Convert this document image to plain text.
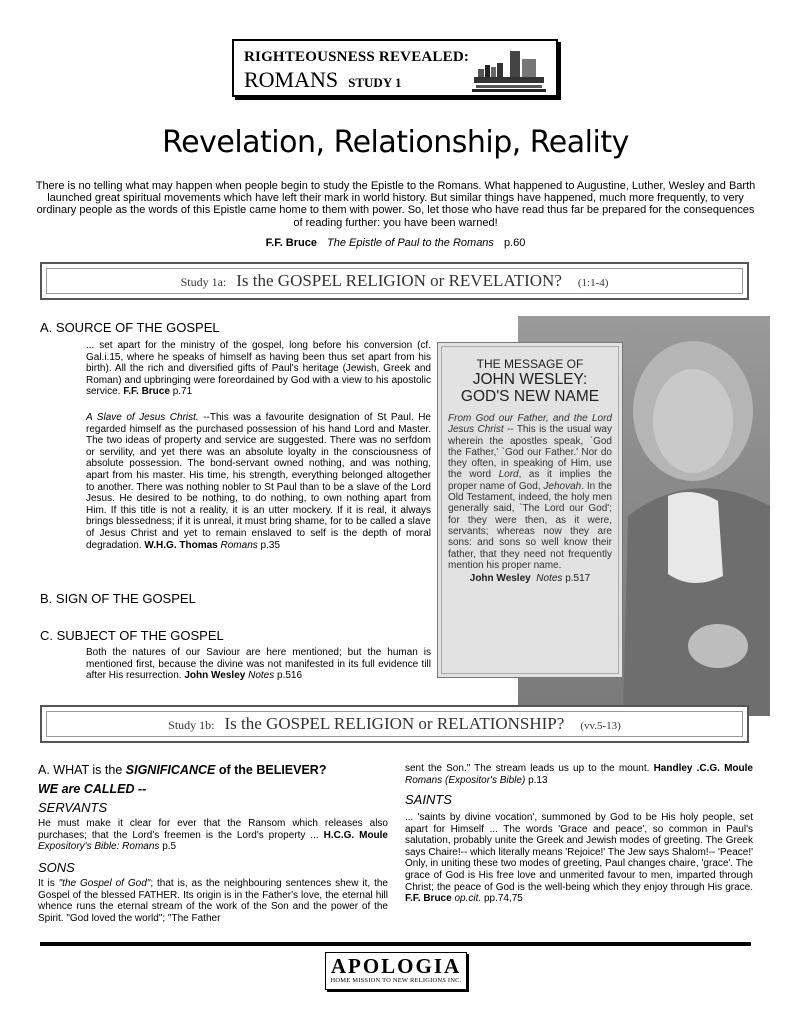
RIGHTEOUSNESS REVEALED:
ROMANS STUDY 1
Revelation, Relationship, Reality
There is no telling what may happen when people begin to study the Epistle to the Romans. What happened to Augustine, Luther, Wesley and Barth launched great spiritual movements which have left their mark in world history. But similar things have happened, much more frequently, to very ordinary people as the words of this Epistle came home to them with power. So, let those who have read thus far be prepared for the consequences of reading further: you have been warned!
F.F. Bruce The Epistle of Paul to the Romans p.60
Study 1a: Is the GOSPEL RELIGION or REVELATION? (1:1-4)
THE MESSAGE OF
JOHN WESLEY:
GOD'S NEW NAME
From God our Father, and the Lord Jesus Christ -- This is the usual way wherein the apostles speak, `God the Father,' `God our Father.' Nor do they often, in speaking of Him, use the word Lord, as it implies the proper name of God, Jehovah. In the Old Testament, indeed, the holy men generally said, `The Lord our God'; for they were then, as it were, servants; whereas now they are sons: and sons so well know their father, that they need not frequently mention his proper name.
John Wesley Notes p.517
A. SOURCE OF THE GOSPEL
... set apart for the ministry of the gospel, long before his conversion (cf. Gal.i.15, where he speaks of himself as having been thus set apart from his birth). All the rich and diversified gifts of Paul's heritage (Jewish, Greek and Roman) and upbringing were foreordained by God with a view to his apostolic service. F.F. Bruce p.71
A Slave of Jesus Christ. --This was a favourite designation of St Paul. He regarded himself as the purchased possession of his hand Lord and Master. The two ideas of property and service are suggested. There was no serfdom or servility, and yet there was an absolute loyalty in the consciousness of absolute possession. The bond-servant owned nothing, and was nothing, apart from his master. His time, his strength, everything belonged altogether to another. There was nothing nobler to St Paul than to be a slave of the Lord Jesus. He desired to be nothing, to do nothing, to own nothing apart from Him. If this title is not a reality, it is an utter mockery. If it is real, it always brings blessedness; if it is unreal, it must bring shame, for to be called a slave of Jesus Christ and yet to remain enslaved to self is the depth of moral degradation. W.H.G. Thomas Romans p.35
B. SIGN OF THE GOSPEL
C. SUBJECT OF THE GOSPEL
Both the natures of our Saviour are here mentioned; but the human is mentioned first, because the divine was not manifested in its full evidence till after His resurrection. John Wesley Notes p.516
Study 1b: Is the GOSPEL RELIGION or RELATIONSHIP? (vv.5-13)
A. WHAT is the SIGNIFICANCE of the BELIEVER?
WE are CALLED --
SERVANTS
He must make it clear for ever that the Ransom which releases also purchases; that the Lord's freemen is the Lord's property ... H.C.G. Moule Expository's Bible: Romans p.5
SONS
It is "the Gospel of God"; that is, as the neighbouring sentences shew it, the Gospel of the blessed FATHER. Its origin is in the Father's love, the eternal hill whence runs the eternal stream of the work of the Son and the power of the Spirit. "God loved the world"; "The Father
sent the Son." The stream leads us up to the mount. Handley .C.G. Moule Romans (Expositor's Bible) p.13
SAINTS
... 'saints by divine vocation', summoned by God to be His holy people, set apart for Himself ... The words 'Grace and peace', so common in Paul's salutation, probably unite the Greek and Jewish modes of greeting. The Greek says Chaire!-- which literally means 'Rejoice!' The Jew says Shalom!-- 'Peace!' Only, in uniting these two modes of greeting, Paul changes chaire, 'grace'. The grace of God is His free love and unmerited favour to men, imparted through Christ; the peace of God is the well-being which they enjoy through His grace. F.F. Bruce op.cit. pp.74,75
APOLOGIA
HOME MISSION TO NEW RELIGIONS INC.
